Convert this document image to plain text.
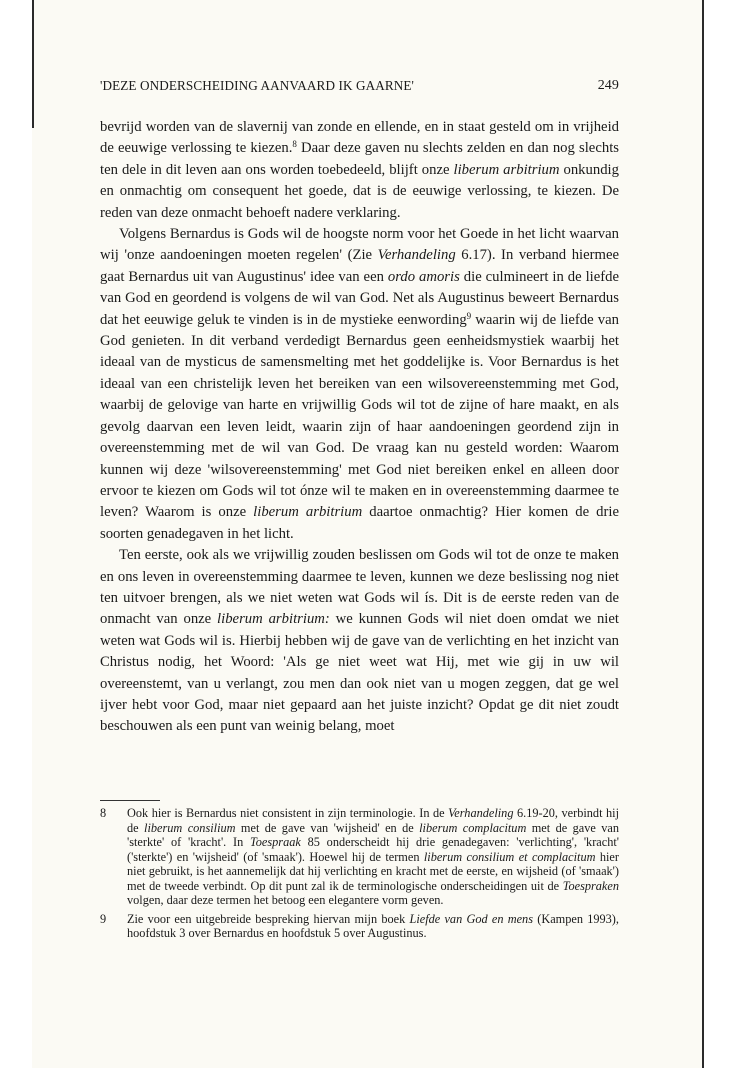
'DEZE ONDERSCHEIDING AANVAARD IK GAARNE'	249

bevrijd worden van de slavernij van zonde en ellende, en in staat gesteld om in vrijheid de eeuwige verlossing te kiezen.$^8$ Daar deze gaven nu slechts zelden en dan nog slechts ten dele in dit leven aan ons worden toebedeeld, blijft onze liberum arbitrium onkundig en onmachtig om consequent het goede, dat is de eeuwige verlossing, te kiezen. De reden van deze onmacht behoeft nadere verklaring.

Volgens Bernardus is Gods wil de hoogste norm voor het Goede in het licht waarvan wij 'onze aandoeningen moeten regelen' (Zie Verhandeling 6.17). In verband hiermee gaat Bernardus uit van Augustinus' idee van een ordo amoris die culmineert in de liefde van God en geordend is volgens de wil van God. Net als Augustinus beweert Bernardus dat het eeuwige geluk te vinden is in de mystieke eenwording$^9$ waarin wij de liefde van God genieten. In dit verband verdedigt Bernardus geen eenheidsmystiek waarbij het ideaal van de mysticus de samensmelting met het goddelijke is. Voor Bernardus is het ideaal van een christelijk leven het bereiken van een wilsovereenstemming met God, waarbij de gelovige van harte en vrijwillig Gods wil tot de zijne of hare maakt, en als gevolg daarvan een leven leidt, waarin zijn of haar aandoeningen geordend zijn in overeenstemming met de wil van God. De vraag kan nu gesteld worden: Waarom kunnen wij deze 'wilsovereenstemming' met God niet bereiken enkel en alleen door ervoor te kiezen om Gods wil tot ónze wil te maken en in overeenstemming daarmee te leven? Waarom is onze liberum arbitrium daartoe onmachtig? Hier komen de drie soorten genadegaven in het licht.

Ten eerste, ook als we vrijwillig zouden beslissen om Gods wil tot de onze te maken en ons leven in overeenstemming daarmee te leven, kunnen we deze beslissing nog niet ten uitvoer brengen, als we niet weten wat Gods wil ís. Dit is de eerste reden van de onmacht van onze liberum arbitrium: we kunnen Gods wil niet doen omdat we niet weten wat Gods wil is. Hierbij hebben wij de gave van de verlichting en het inzicht van Christus nodig, het Woord: 'Als ge niet weet wat Hij, met wie gij in uw wil overeenstemt, van u verlangt, zou men dan ook niet van u mogen zeggen, dat ge wel ijver hebt voor God, maar niet gepaard aan het juiste inzicht? Opdat ge dit niet zoudt beschouwen als een punt van weinig belang, moet

8 Ook hier is Bernardus niet consistent in zijn terminologie. In de Verhandeling 6.19-20, verbindt hij de liberum consilium met de gave van 'wijsheid' en de liberum complacitum met de gave van 'sterkte' of 'kracht'. In Toespraak 85 onderscheidt hij drie genadegaven: 'verlichting', 'kracht' ('sterkte') en 'wijsheid' (of 'smaak'). Hoewel hij de termen liberum consilium et complacitum hier niet gebruikt, is het aannemelijk dat hij verlichting en kracht met de eerste, en wijsheid (of 'smaak') met de tweede verbindt. Op dit punt zal ik de terminologische onderscheidingen uit de Toespraken volgen, daar deze termen het betoog een elegantere vorm geven.
9 Zie voor een uitgebreide bespreking hiervan mijn boek Liefde van God en mens (Kampen 1993), hoofdstuk 3 over Bernardus en hoofdstuk 5 over Augustinus.
